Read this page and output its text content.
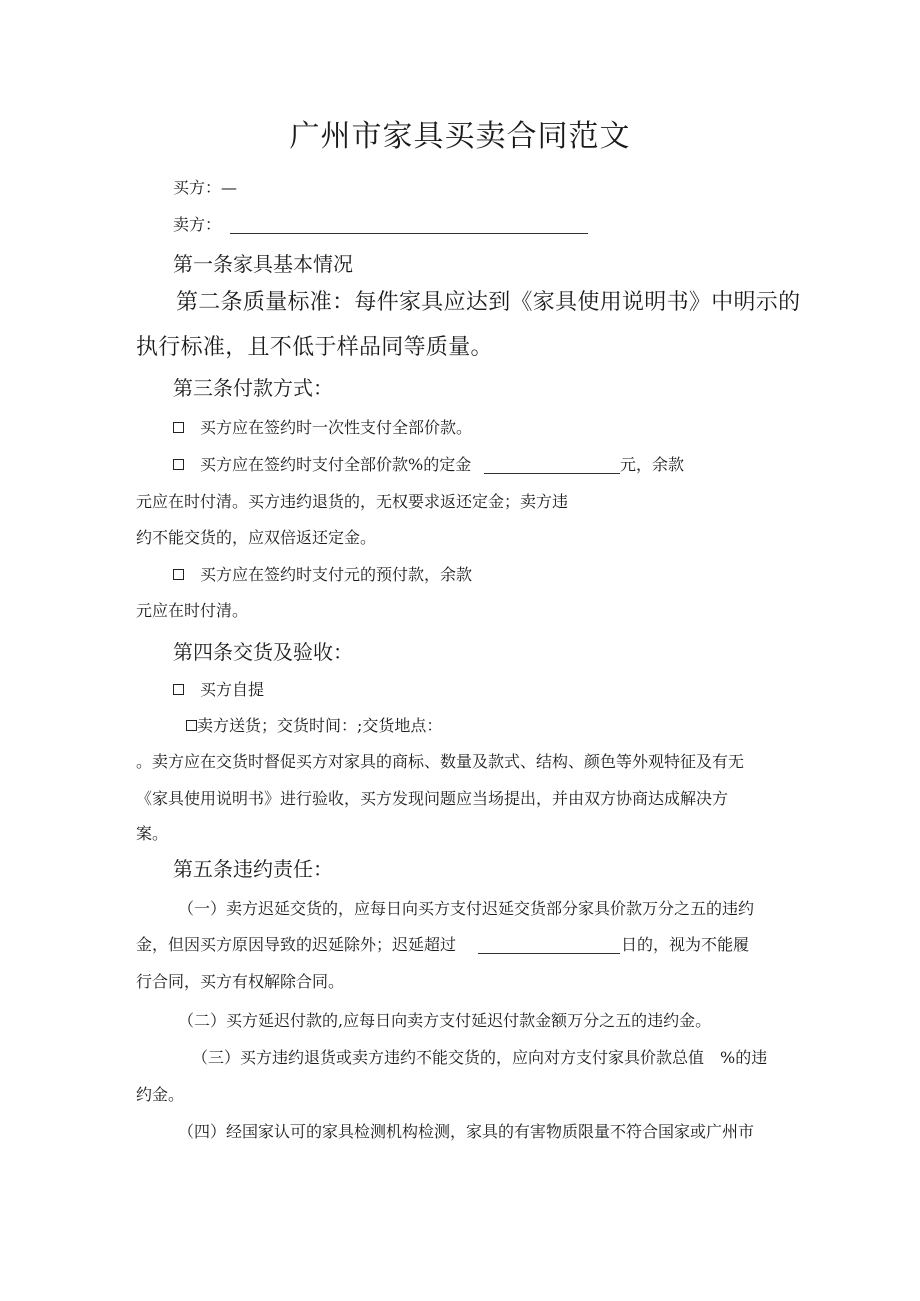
广州市家具买卖合同范文
买方：—
卖方：
第一条家具基本情况
第二条质量标准：每件家具应达到《家具使用说明书》中明示的
执行标准，且不低于样品同等质量。
第三条付款方式：
 买方应在签约时一次性支付全部价款。
 买方应在签约时支付全部价款%的定金	元，余款
元应在时付清。买方违约退货的，无权要求返还定金；卖方违
约不能交货的，应双倍返还定金。
 买方应在签约时支付元的预付款，余款
元应在时付清。
第四条交货及验收：
 买方自提
卖方送货；交货时间：;交货地点：
。卖方应在交货时督促买方对家具的商标、数量及款式、结构、颜色等外观特征及有无
《家具使用说明书》进行验收，买方发现问题应当场提出，并由双方协商达成解决方
案。
第五条违约责任：
（一）卖方迟延交货的，应每日向买方支付迟延交货部分家具价款万分之五的违约
金，但因买方原因导致的迟延除外；迟延超过	日的，视为不能履
行合同，买方有权解除合同。
（二）买方延迟付款的,应每日向卖方支付延迟付款金额万分之五的违约金。
（三）买方违约退货或卖方违约不能交货的，应向对方支付家具价款总值　%的违
约金。
（四）经国家认可的家具检测机构检测，家具的有害物质限量不符合国家或广州市
